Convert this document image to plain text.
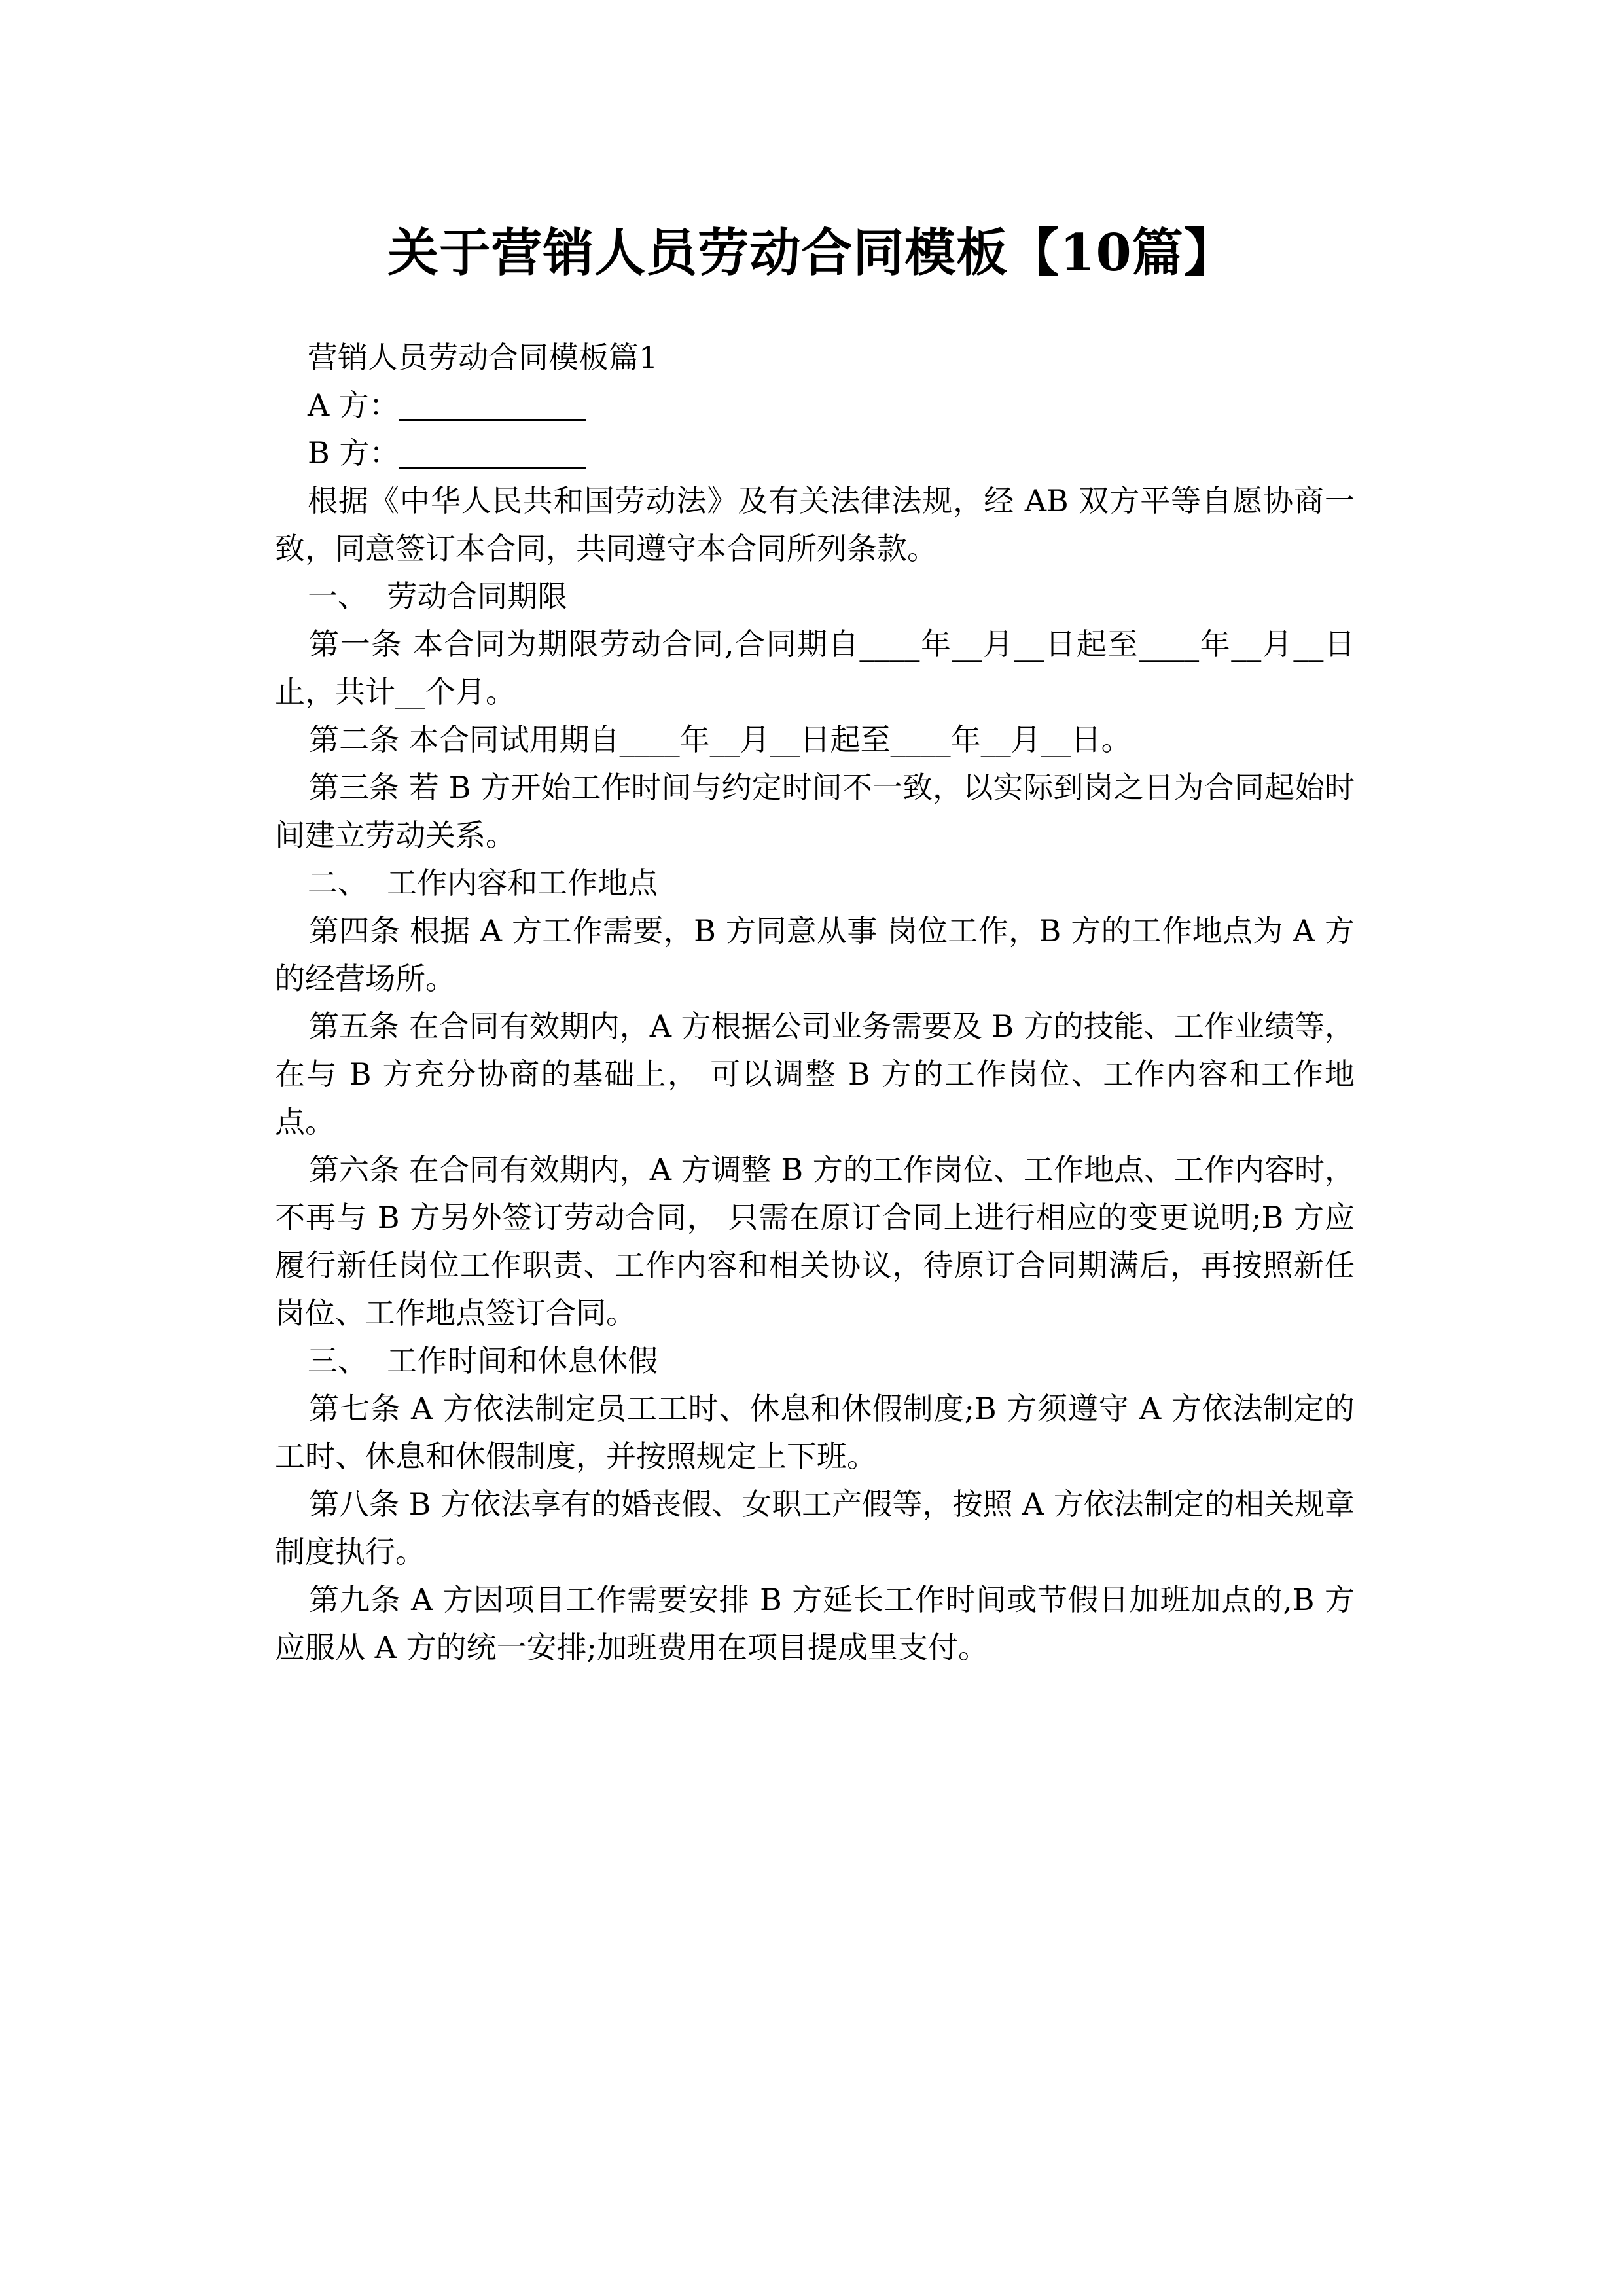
关于营销人员劳动合同模板【10篇】

营销人员劳动合同模板篇1

A 方：

B 方：

根据《中华人民共和国劳动法》及有关法律法规，经 AB 双方平等自愿协商一致，同意签订本合同，共同遵守本合同所列条款。

一、  劳动合同期限

第一条 本合同为期限劳动合同,合同期自____年__月__日起至____年__月__日止，共计__个月。

第二条 本合同试用期自____年__月__日起至____年__月__日。

第三条 若 B 方开始工作时间与约定时间不一致，以实际到岗之日为合同起始时间建立劳动关系。

二、  工作内容和工作地点

第四条 根据 A 方工作需要，B 方同意从事 岗位工作，B 方的工作地点为 A 方的经营场所。

第五条 在合同有效期内，A 方根据公司业务需要及 B 方的技能、工作业绩等，在与 B 方充分协商的基础上， 可以调整 B 方的工作岗位、工作内容和工作地点。

第六条 在合同有效期内，A 方调整 B 方的工作岗位、工作地点、工作内容时，不再与 B 方另外签订劳动合同， 只需在原订合同上进行相应的变更说明;B 方应履行新任岗位工作职责、工作内容和相关协议，待原订合同期满后，再按照新任岗位、工作地点签订合同。

三、  工作时间和休息休假

第七条 A 方依法制定员工工时、休息和休假制度;B 方须遵守 A 方依法制定的工时、休息和休假制度，并按照规定上下班。

第八条 B 方依法享有的婚丧假、女职工产假等，按照 A 方依法制定的相关规章制度执行。

第九条 A 方因项目工作需要安排 B 方延长工作时间或节假日加班加点的,B 方应服从 A 方的统一安排;加班费用在项目提成里支付。
